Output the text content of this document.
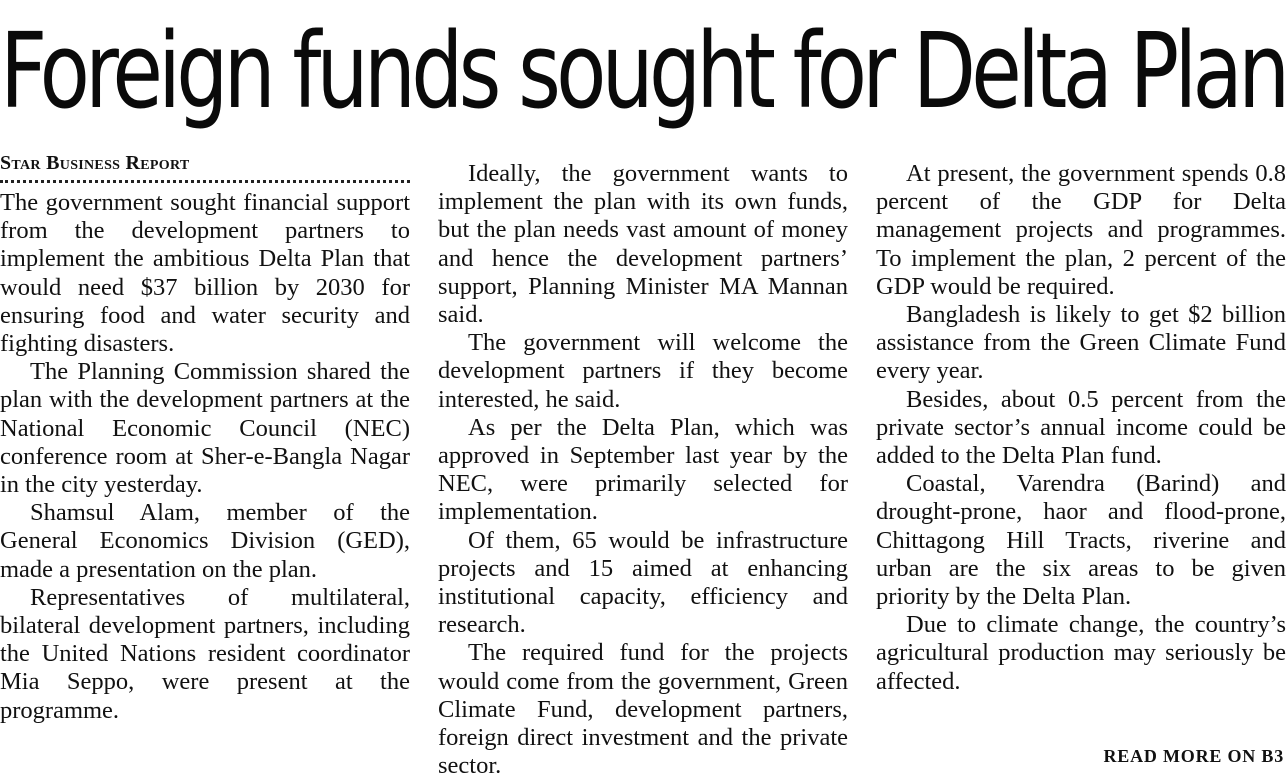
Foreign funds sought for Delta Plan
Star Business Report

The government sought financial support from the development partners to implement the ambitious Delta Plan that would need $37 billion by 2030 for ensuring food and water security and fighting disasters.

The Planning Commission shared the plan with the development partners at the National Economic Council (NEC) conference room at Sher-e-Bangla Nagar in the city yesterday.

Shamsul Alam, member of the General Economics Division (GED), made a presentation on the plan.

Representatives of multilateral, bilateral development partners, including the United Nations resident coordinator Mia Seppo, were present at the programme.

Ideally, the government wants to implement the plan with its own funds, but the plan needs vast amount of money and hence the development partners’ support, Planning Minister MA Mannan said.

The government will welcome the development partners if they become interested, he said.

As per the Delta Plan, which was approved in September last year by the NEC, were primarily selected for implementation.

Of them, 65 would be infrastructure projects and 15 aimed at enhancing institutional capacity, efficiency and research.

The required fund for the projects would come from the government, Green Climate Fund, development partners, foreign direct investment and the private sector.

At present, the government spends 0.8 percent of the GDP for Delta management projects and programmes. To implement the plan, 2 percent of the GDP would be required.

Bangladesh is likely to get $2 billion assistance from the Green Climate Fund every year.

Besides, about 0.5 percent from the private sector’s annual income could be added to the Delta Plan fund.

Coastal, Varendra (Barind) and drought-prone, haor and flood-prone, Chittagong Hill Tracts, riverine and urban are the six areas to be given priority by the Delta Plan.

Due to climate change, the country’s agricultural production may seriously be affected.

READ MORE ON B3
